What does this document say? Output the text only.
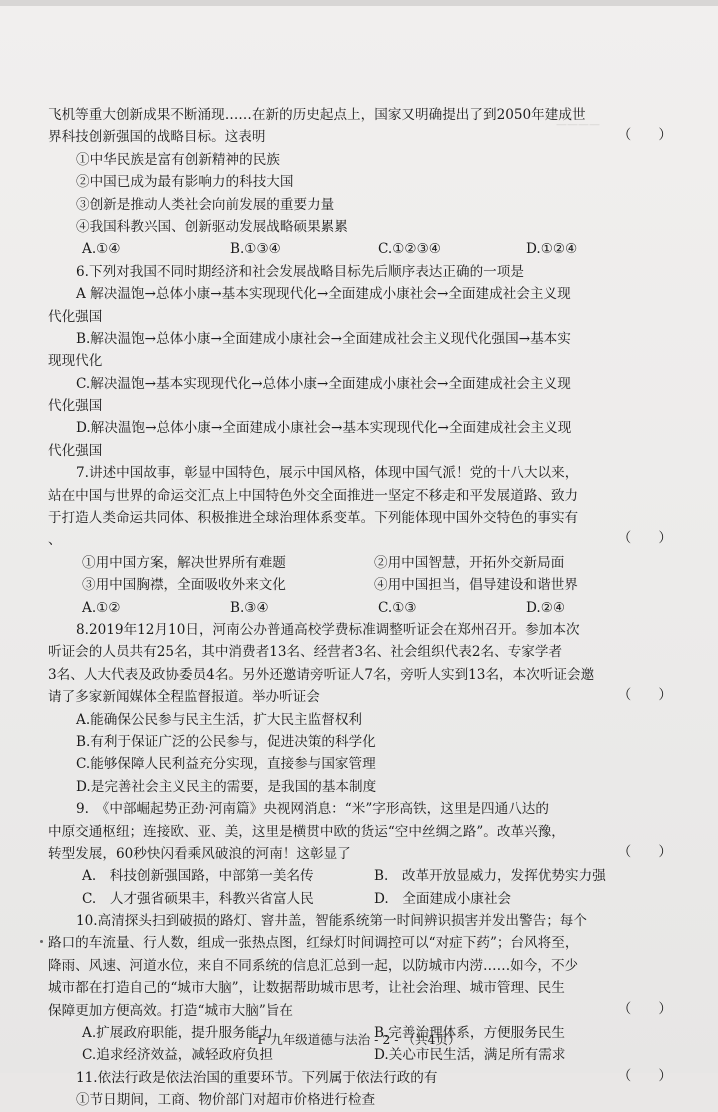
————
飞机等重大创新成果不断涌现……在新的历史起点上，国家又明确提出了到2050年建成世
界科技创新强国的战略目标。这表明	（　　）
①中华民族是富有创新精神的民族
②中国已成为最有影响力的科技大国
③创新是推动人类社会向前发展的重要力量
④我国科教兴国、创新驱动发展战略硕果累累
A.①④	B.①③④	C.①②③④	D.①②④
6.下列对我国不同时期经济和社会发展战略目标先后顺序表达正确的一项是
A 解决温饱→总体小康→基本实现现代化→全面建成小康社会→全面建成社会主义现
代化强国
B.解决温饱→总体小康→全面建成小康社会→全面建成社会主义现代化强国→基本实
现现代化
C.解决温饱→基本实现现代化→总体小康→全面建成小康社会→全面建成社会主义现
代化强国
D.解决温饱→总体小康→全面建成小康社会→基本实现现代化→全面建成社会主义现
代化强国
7.讲述中国故事，彰显中国特色，展示中国风格，体现中国气派！党的十八大以来，
站在中国与世界的命运交汇点上中国特色外交全面推进一坚定不移走和平发展道路、致力
于打造人类命运共同体、积极推进全球治理体系变革。下列能体现中国外交特色的事实有
、	（　　）
①用中国方案，解决世界所有难题	②用中国智慧，开拓外交新局面
③用中国胸襟，全面吸收外来文化	④用中国担当，倡导建设和谐世界
A.①②	B.③④	C.①③	D.②④
8.2019年12月10日，河南公办普通高校学费标准调整听证会在郑州召开。参加本次
听证会的人员共有25名，其中消费者13名、经营者3名、社会组织代表2名、专家学者
3名、人大代表及政协委员4名。另外还邀请旁听证人7名，旁听人实到13名，本次听证会邀
请了多家新闻媒体全程监督报道。举办听证会	（　　）
A.能确保公民参与民主生活，扩大民主监督权利
B.有利于保证广泛的公民参与，促进决策的科学化
C.能够保障人民利益充分实现，直接参与国家管理
D.是完善社会主义民主的需要，是我国的基本制度
9.　《中部崛起势正劲·河南篇》央视网消息：“米”字形高铁，这里是四通八达的
中原交通枢纽；连接欧、亚、美，这里是横贯中欧的货运“空中丝绸之路”。改革兴豫，
转型发展，60秒快闪看乘风破浪的河南！这彰显了	（　　）
A.　科技创新强国路，中部第一美名传	B.　改革开放显威力，发挥优势实力强
C.　人才强省硕果丰，科教兴省富人民	D.　全面建成小康社会
10.高清探头扫到破损的路灯、窨井盖，智能系统第一时间辨识损害并发出警告；每个
路口的车流量、行人数，组成一张热点图，红绿灯时间调控可以“对症下药”；台风将至，
降雨、风速、河道水位，来自不同系统的信息汇总到一起，以防城市内涝……如今，不少
城市都在打造自己的“城市大脑”，让数据帮助城市思考，让社会治理、城市管理、民生
保障更加方便高效。打造“城市大脑”旨在	（　　）
A.扩展政府职能，提升服务能力	B.完善治理体系，方便服务民生
C.追求经济效益，减轻政府负担	D.关心市民生活，满足所有需求
11.依法行政是依法治国的重要环节。下列属于依法行政的有	（　　）
①节日期间，工商、物价部门对超市价格进行检查
F 九年级道德与法治 - 2 - （共4页）
